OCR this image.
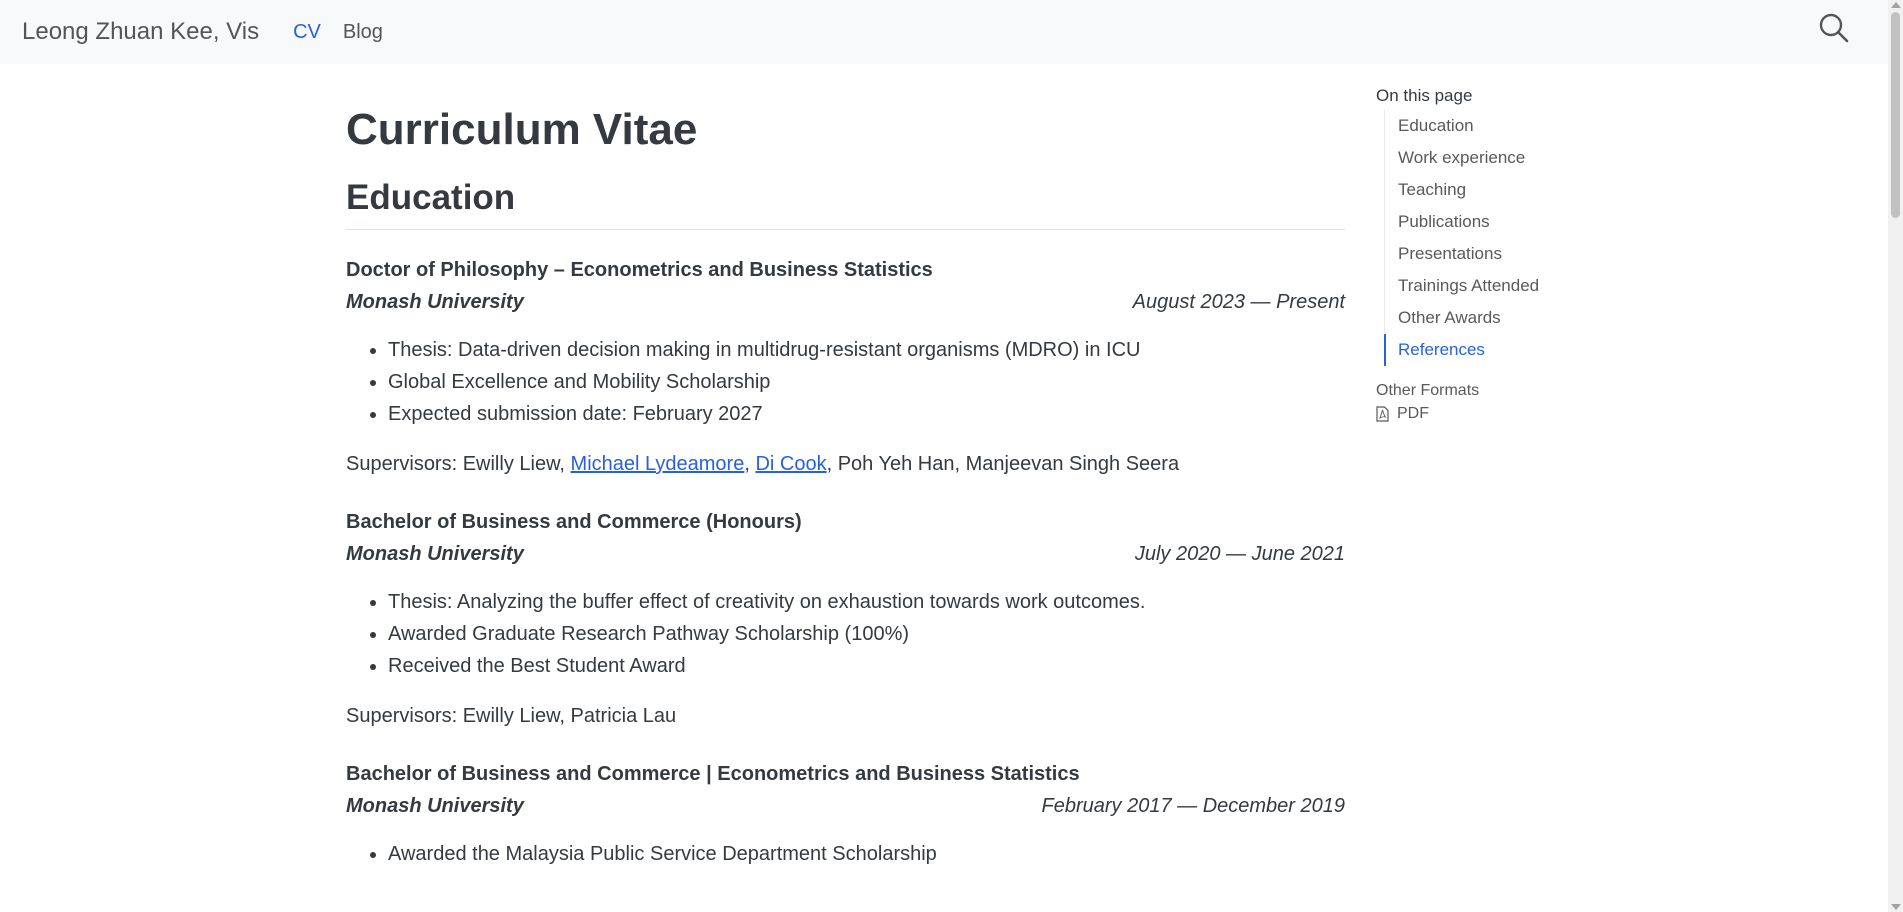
Leong Zhuan Kee, Vis CV Blog
Curriculum Vitae
Education
Doctor of Philosophy – Econometrics and Business Statistics
Monash University	August 2023 — Present
• Thesis: Data-driven decision making in multidrug-resistant organisms (MDRO) in ICU
• Global Excellence and Mobility Scholarship
• Expected submission date: February 2027
Supervisors: Ewilly Liew, Michael Lydeamore, Di Cook, Poh Yeh Han, Manjeevan Singh Seera
Bachelor of Business and Commerce (Honours)
Monash University	July 2020 — June 2021
• Thesis: Analyzing the buffer effect of creativity on exhaustion towards work outcomes.
• Awarded Graduate Research Pathway Scholarship (100%)
• Received the Best Student Award
Supervisors: Ewilly Liew, Patricia Lau
Bachelor of Business and Commerce | Econometrics and Business Statistics
Monash University	February 2017 — December 2019
• Awarded the Malaysia Public Service Department Scholarship
On this page
Education
Work experience
Teaching
Publications
Presentations
Trainings Attended
Other Awards
References
Other Formats
PDF
